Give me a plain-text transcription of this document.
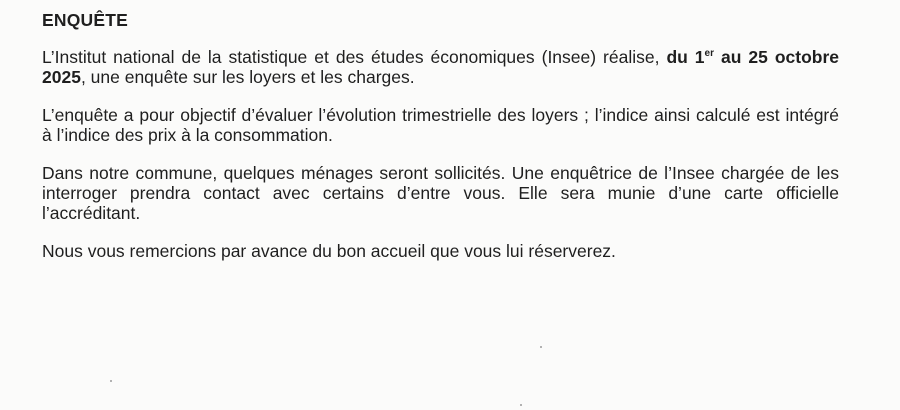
ENQUÊTE

L’Institut national de la statistique et des études économiques (Insee) réalise, du 1er au 25 octobre 2025, une enquête sur les loyers et les charges.

L’enquête a pour objectif d’évaluer l’évolution trimestrielle des loyers ; l’indice ainsi calculé est intégré à l’indice des prix à la consommation.

Dans notre commune, quelques ménages seront sollicités. Une enquêtrice de l’Insee chargée de les interroger prendra contact avec certains d’entre vous. Elle sera munie d’une carte officielle l’accréditant.

Nous vous remercions par avance du bon accueil que vous lui réserverez.
